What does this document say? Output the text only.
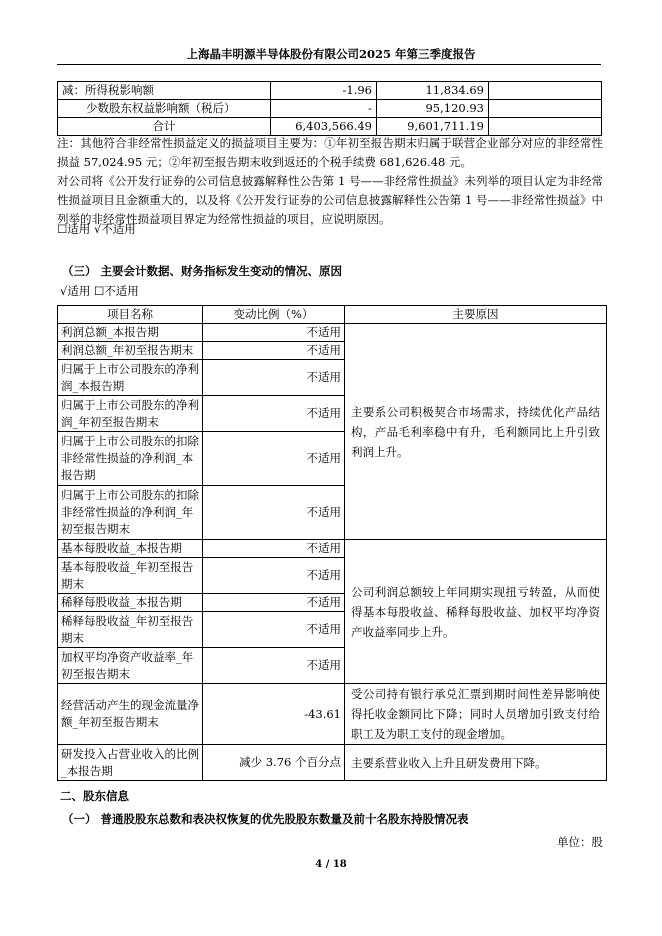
上海晶丰明源半导体股份有限公司2025 年第三季度报告
减：所得税影响额	-1.96	11,834.69	
少数股东权益影响额（税后）	-	95,120.93	
合计	6,403,566.49	9,601,711.19	
注：其他符合非经常性损益定义的损益项目主要为：①年初至报告期末归属于联营企业部分对应的非经常性损益 57,024.95 元；②年初至报告期末收到返还的个税手续费 681,626.48 元。
对公司将《公开发行证券的公司信息披露解释性公告第 1 号——非经常性损益》未列举的项目认定为非经常性损益项目且金额重大的，以及将《公开发行证券的公司信息披露解释性公告第 1 号——非经常性损益》中列举的非经常性损益项目界定为经常性损益的项目，应说明原因。
☐适用 √不适用
（三） 主要会计数据、财务指标发生变动的情况、原因
√适用 ☐不适用
项目名称	变动比例（%）	主要原因
利润总额_本报告期	不适用	主要系公司积极契合市场需求，持续优化产品结构，产品毛利率稳中有升，毛利额同比上升引致利润上升。
利润总额_年初至报告期末	不适用	
归属于上市公司股东的净利润_本报告期	不适用	
归属于上市公司股东的净利润_年初至报告期末	不适用	
归属于上市公司股东的扣除非经常性损益的净利润_本报告期	不适用	
归属于上市公司股东的扣除非经常性损益的净利润_年初至报告期末	不适用	
基本每股收益_本报告期	不适用	公司利润总额较上年同期实现扭亏转盈，从而使得基本每股收益、稀释每股收益、加权平均净资产收益率同步上升。
基本每股收益_年初至报告期末	不适用	
稀释每股收益_本报告期	不适用	
稀释每股收益_年初至报告期末	不适用	
加权平均净资产收益率_年初至报告期末	不适用	
经营活动产生的现金流量净额_年初至报告期末	-43.61	受公司持有银行承兑汇票到期时间性差异影响使得托收金额同比下降；同时人员增加引致支付给职工及为职工支付的现金增加。
研发投入占营业收入的比例_本报告期	减少 3.76 个百分点	主要系营业收入上升且研发费用下降。
二、股东信息
（一） 普通股股东总数和表决权恢复的优先股股东数量及前十名股东持股情况表
单位：股
4 / 18
